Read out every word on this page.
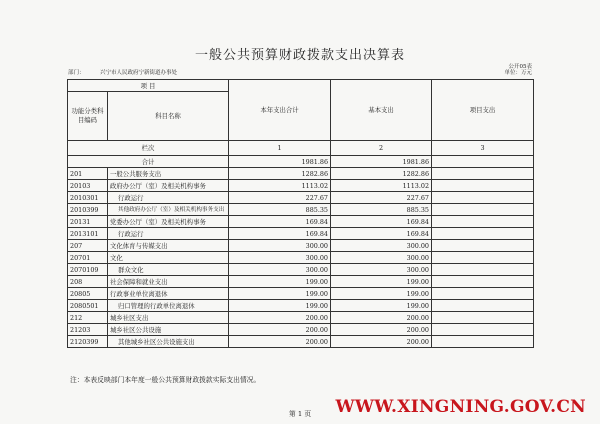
一般公共预算财政拨款支出决算表
公开05表
部门：	兴宁市人民政府宁新街道办事处	单位：万元
项 目		本年支出合计	基本支出	项目支出
功能分类科目编码	科目名称			
栏次		1	2	3
合计		1981.86	1981.86	
201	一般公共服务支出	1282.86	1282.86	
20103	政府办公厅（室）及相关机构事务	1113.02	1113.02	
2010301	行政运行	227.67	227.67	
2010399	其他政府办公厅（室）及相关机构事务支出	885.35	885.35	
20131	党委办公厅（室）及相关机构事务	169.84	169.84	
2013101	行政运行	169.84	169.84	
207	文化体育与传媒支出	300.00	300.00	
20701	文化	300.00	300.00	
2070109	群众文化	300.00	300.00	
208	社会保障和就业支出	199.00	199.00	
20805	行政事业单位离退休	199.00	199.00	
2080501	归口管理的行政单位离退休	199.00	199.00	
212	城乡社区支出	200.00	200.00	
21203	城乡社区公共设施	200.00	200.00	
2120399	其他城乡社区公共设施支出	200.00	200.00	
注：本表反映部门本年度一般公共预算财政拨款实际支出情况。
第 1 页	WWW.XINGNING.GOV.CN
